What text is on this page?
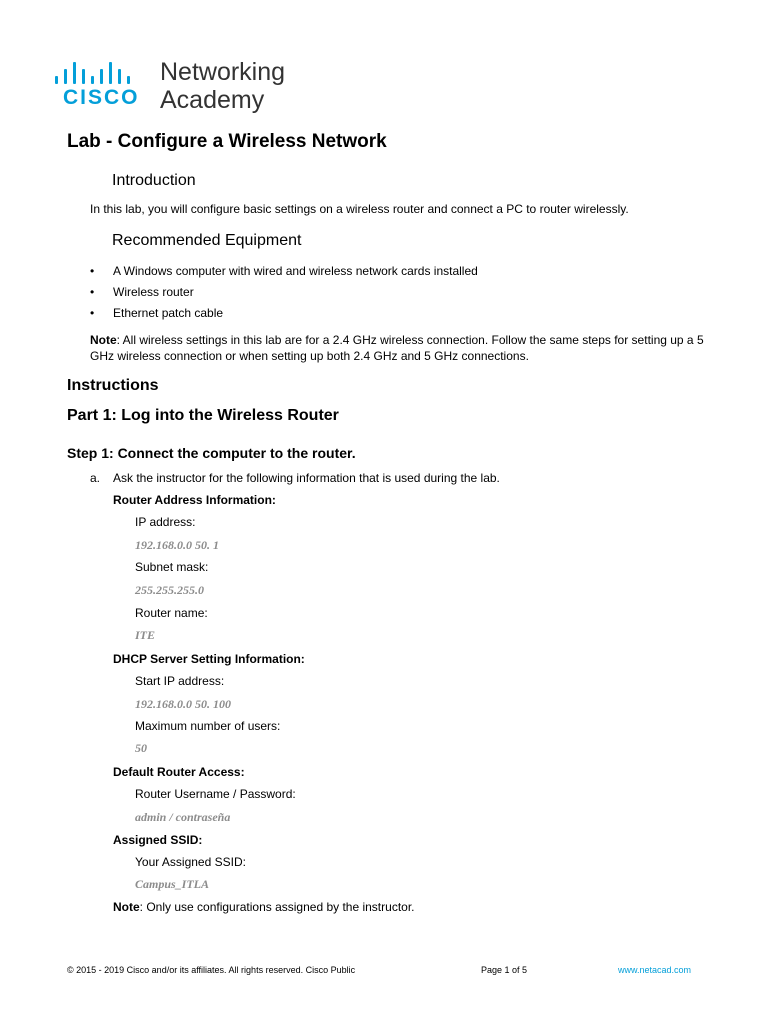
CISCO
Networking
Academy
Lab - Configure a Wireless Network
Introduction
In this lab, you will configure basic settings on a wireless router and connect a PC to router wirelessly.
Recommended Equipment
• A Windows computer with wired and wireless network cards installed
• Wireless router
• Ethernet patch cable
Note: All wireless settings in this lab are for a 2.4 GHz wireless connection. Follow the same steps for setting up a 5 GHz wireless connection or when setting up both 2.4 GHz and 5 GHz connections.
Instructions
Part 1: Log into the Wireless Router
Step 1: Connect the computer to the router.
a. Ask the instructor for the following information that is used during the lab.
Router Address Information:
IP address:
192.168.0.0 50. 1
Subnet mask:
255.255.255.0
Router name:
ITE
DHCP Server Setting Information:
Start IP address:
192.168.0.0 50. 100
Maximum number of users:
50
Default Router Access:
Router Username / Password:
admin / contraseña
Assigned SSID:
Your Assigned SSID:
Campus_ITLA
Note: Only use configurations assigned by the instructor.
© 2015 - 2019 Cisco and/or its affiliates. All rights reserved. Cisco Public	Page 1 of 5	www.netacad.com
